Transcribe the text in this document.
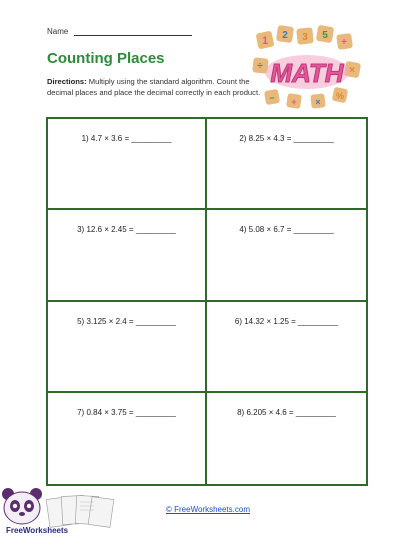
Name
Counting Places
Directions: Multiply using the standard algorithm. Count the decimal places and place the decimal correctly in each product.
1 2 3 5
+
÷	×
− + ×
%
MATH
1) 4.7 × 3.6 = _________	2) 8.25 × 4.3 = _________
3) 12.6 × 2.45 = _________	4) 5.08 × 6.7 = _________
5) 3.125 × 2.4 = _________	6) 14.32 × 1.25 = _________
7) 0.84 × 3.75 = _________	8) 6.205 × 4.6 = _________
FreeWorksheets
© FreeWorksheets.com
